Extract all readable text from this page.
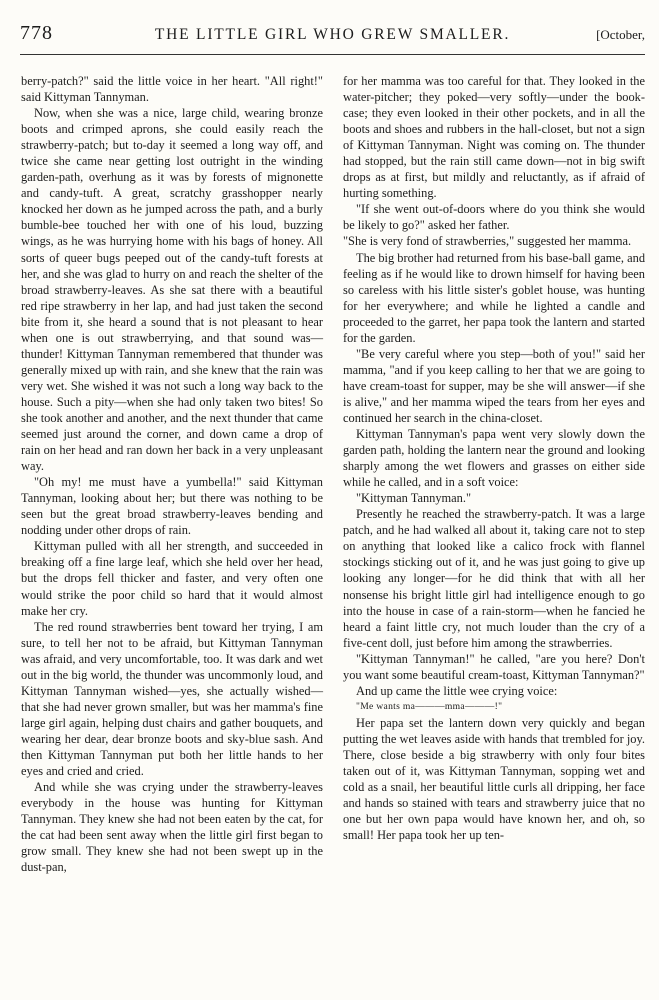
778	THE LITTLE GIRL WHO GREW SMALLER.	[October,

berry-patch?" said the little voice in her heart. "All right!" said Kittyman Tannyman.

Now, when she was a nice, large child, wearing bronze boots and crimped aprons, she could easily reach the strawberry-patch; but to-day it seemed a long way off, and twice she came near getting lost outright in the winding garden-path, overhung as it was by forests of mignonette and candy-tuft. A great, scratchy grasshopper nearly knocked her down as he jumped across the path, and a burly bumble-bee touched her with one of his loud, buzzing wings, as he was hurrying home with his bags of honey. All sorts of queer bugs peeped out of the candy-tuft forests at her, and she was glad to hurry on and reach the shelter of the broad strawberry-leaves. As she sat there with a beautiful red ripe strawberry in her lap, and had just taken the second bite from it, she heard a sound that is not pleasant to hear when one is out strawberrying, and that sound was—thunder! Kittyman Tannyman remembered that thunder was generally mixed up with rain, and she knew that the rain was very wet. She wished it was not such a long way back to the house. Such a pity—when she had only taken two bites! So she took another and another, and the next thunder that came seemed just around the corner, and down came a drop of rain on her head and ran down her back in a very unpleasant way.

"Oh my! me must have a yumbella!" said Kittyman Tannyman, looking about her; but there was nothing to be seen but the great broad strawberry-leaves bending and nodding under other drops of rain.

Kittyman pulled with all her strength, and succeeded in breaking off a fine large leaf, which she held over her head, but the drops fell thicker and faster, and very often one would strike the poor child so hard that it would almost make her cry.

The red round strawberries bent toward her trying, I am sure, to tell her not to be afraid, but Kittyman Tannyman was afraid, and very uncomfortable, too. It was dark and wet out in the big world, the thunder was uncommonly loud, and Kittyman Tannyman wished—yes, she actually wished—that she had never grown smaller, but was her mamma's fine large girl again, helping dust chairs and gather bouquets, and wearing her dear, dear bronze boots and sky-blue sash. And then Kittyman Tannyman put both her little hands to her eyes and cried and cried.

And while she was crying under the strawberry-leaves everybody in the house was hunting for Kittyman Tannyman. They knew she had not been eaten by the cat, for the cat had been sent away when the little girl first began to grow small. They knew she had not been swept up in the dust-pan,

for her mamma was too careful for that. They looked in the water-pitcher; they poked—very softly—under the book-case; they even looked in their other pockets, and in all the boots and shoes and rubbers in the hall-closet, but not a sign of Kittyman Tannyman. Night was coming on. The thunder had stopped, but the rain still came down—not in big swift drops as at first, but mildly and reluctantly, as if afraid of hurting something.

"If she went out-of-doors where do you think she would be likely to go?" asked her father.

"She is very fond of strawberries," suggested her mamma.

The big brother had returned from his base-ball game, and feeling as if he would like to drown himself for having been so careless with his little sister's goblet house, was hunting for her everywhere; and while he lighted a candle and proceeded to the garret, her papa took the lantern and started for the garden.

"Be very careful where you step—both of you!" said her mamma, "and if you keep calling to her that we are going to have cream-toast for supper, may be she will answer—if she is alive," and her mamma wiped the tears from her eyes and continued her search in the china-closet.

Kittyman Tannyman's papa went very slowly down the garden path, holding the lantern near the ground and looking sharply among the wet flowers and grasses on either side while he called, and in a soft voice:

"Kittyman Tannyman."

Presently he reached the strawberry-patch. It was a large patch, and he had walked all about it, taking care not to step on anything that looked like a calico frock with flannel stockings sticking out of it, and he was just going to give up looking any longer—for he did think that with all her nonsense his bright little girl had intelligence enough to go into the house in case of a rain-storm—when he fancied he heard a faint little cry, not much louder than the cry of a five-cent doll, just before him among the strawberries.

"Kittyman Tannyman!" he called, "are you here? Don't you want some beautiful cream-toast, Kittyman Tannyman?"

And up came the little wee crying voice:

"Me wants ma———mma———!"

Her papa set the lantern down very quickly and began putting the wet leaves aside with hands that trembled for joy. There, close beside a big strawberry with only four bites taken out of it, was Kittyman Tannyman, sopping wet and cold as a snail, her beautiful little curls all dripping, her face and hands so stained with tears and strawberry juice that no one but her own papa would have known her, and oh, so small! Her papa took her up ten-
